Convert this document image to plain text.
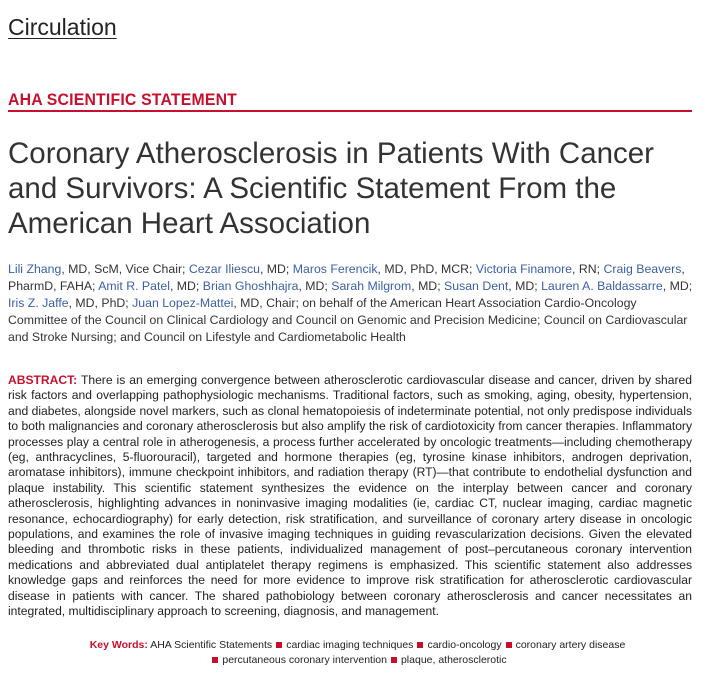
Circulation
AHA SCIENTIFIC STATEMENT
Coronary Atherosclerosis in Patients With Cancer and Survivors: A Scientific Statement From the American Heart Association
Lili Zhang, MD, ScM, Vice Chair; Cezar Iliescu, MD; Maros Ferencik, MD, PhD, MCR; Victoria Finamore, RN; Craig Beavers, PharmD, FAHA; Amit R. Patel, MD; Brian Ghoshhajra, MD; Sarah Milgrom, MD; Susan Dent, MD; Lauren A. Baldassarre, MD; Iris Z. Jaffe, MD, PhD; Juan Lopez-Mattei, MD, Chair; on behalf of the American Heart Association Cardio-Oncology Committee of the Council on Clinical Cardiology and Council on Genomic and Precision Medicine; Council on Cardiovascular and Stroke Nursing; and Council on Lifestyle and Cardiometabolic Health
ABSTRACT: There is an emerging convergence between atherosclerotic cardiovascular disease and cancer, driven by shared risk factors and overlapping pathophysiologic mechanisms. Traditional factors, such as smoking, aging, obesity, hypertension, and diabetes, alongside novel markers, such as clonal hematopoiesis of indeterminate potential, not only predispose individuals to both malignancies and coronary atherosclerosis but also amplify the risk of cardiotoxicity from cancer therapies. Inflammatory processes play a central role in atherogenesis, a process further accelerated by oncologic treatments—including chemotherapy (eg, anthracyclines, 5-fluorouracil), targeted and hormone therapies (eg, tyrosine kinase inhibitors, androgen deprivation, aromatase inhibitors), immune checkpoint inhibitors, and radiation therapy (RT)—that contribute to endothelial dysfunction and plaque instability. This scientific statement synthesizes the evidence on the interplay between cancer and coronary atherosclerosis, highlighting advances in noninvasive imaging modalities (ie, cardiac CT, nuclear imaging, cardiac magnetic resonance, echocardiography) for early detection, risk stratification, and surveillance of coronary artery disease in oncologic populations, and examines the role of invasive imaging techniques in guiding revascularization decisions. Given the elevated bleeding and thrombotic risks in these patients, individualized management of post–percutaneous coronary intervention medications and abbreviated dual antiplatelet therapy regimens is emphasized. This scientific statement also addresses knowledge gaps and reinforces the need for more evidence to improve risk stratification for atherosclerotic cardiovascular disease in patients with cancer. The shared pathobiology between coronary atherosclerosis and cancer necessitates an integrated, multidisciplinary approach to screening, diagnosis, and management.
Key Words: AHA Scientific Statements cardiac imaging techniques cardio-oncology coronary artery disease
percutaneous coronary intervention plaque, atherosclerotic
